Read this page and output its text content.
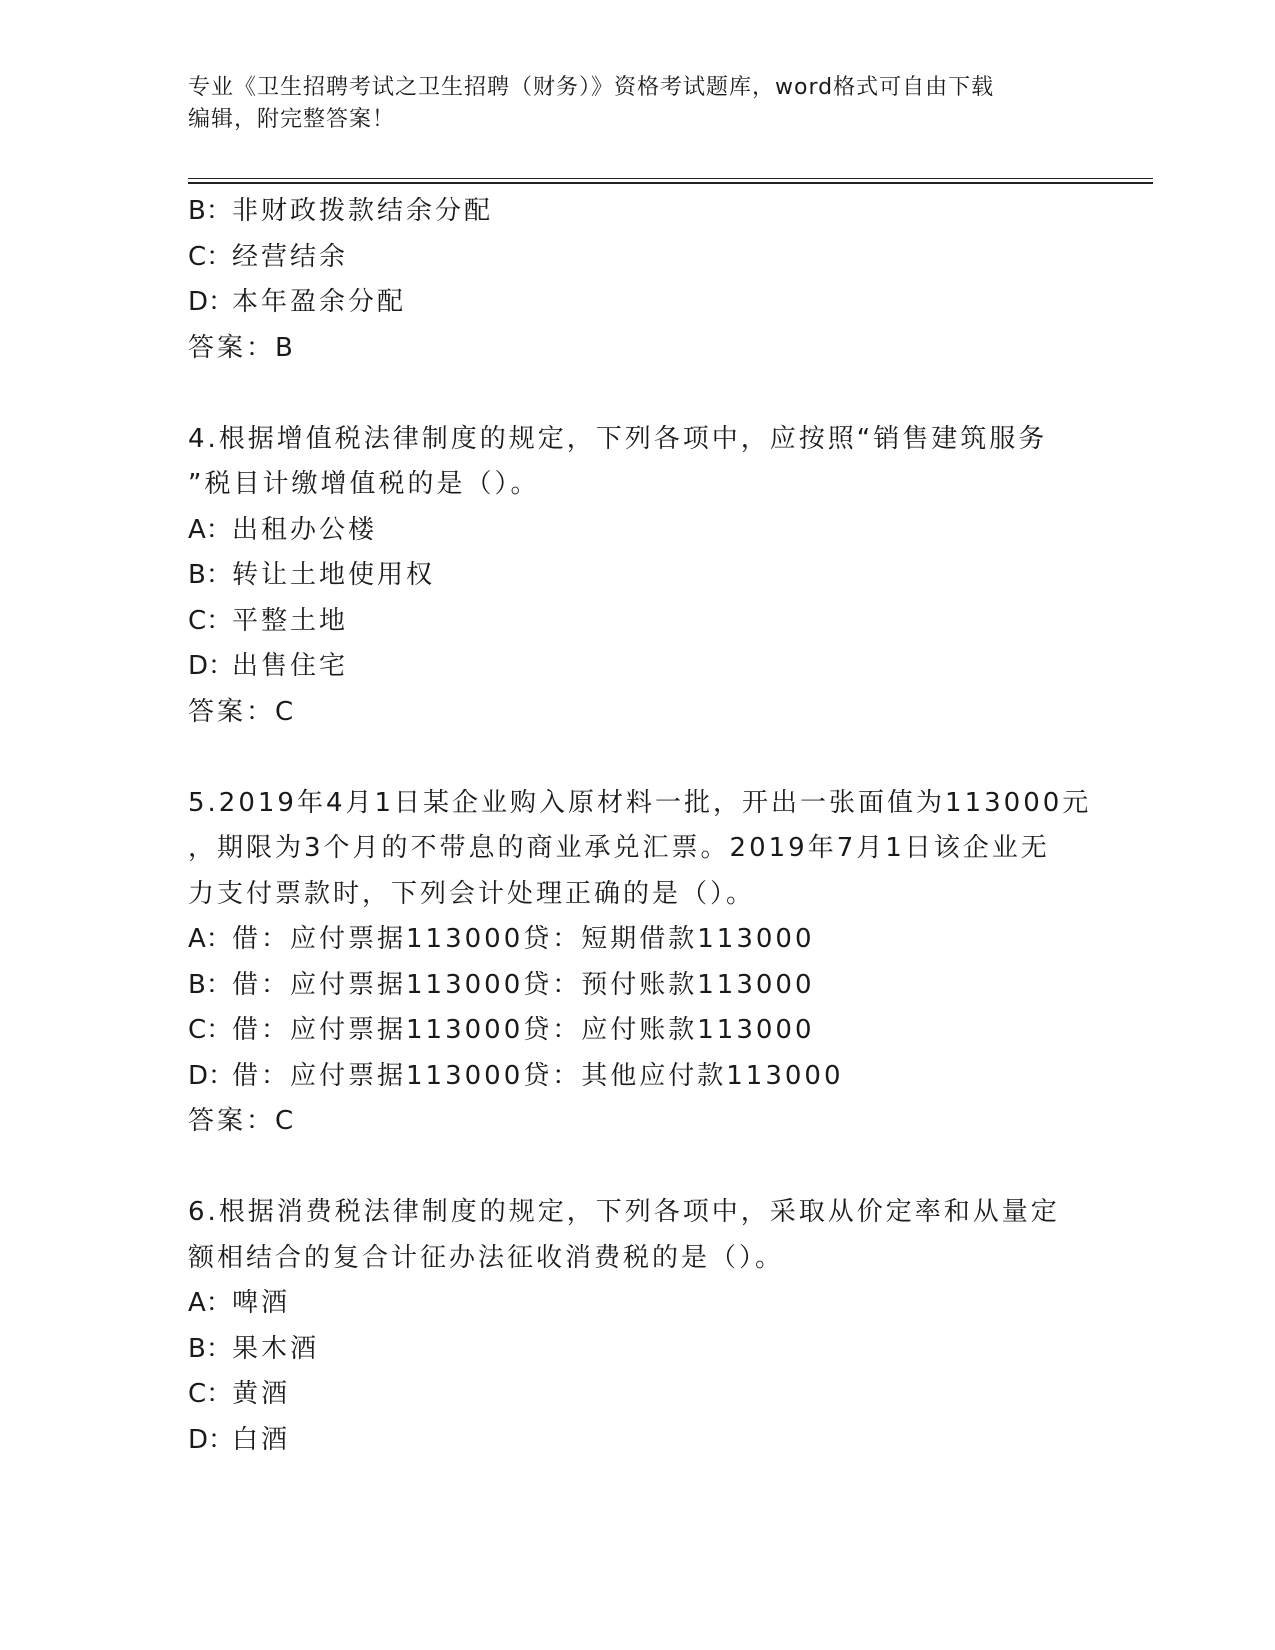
专业《卫生招聘考试之卫生招聘（财务）》资格考试题库，word格式可自由下载
编辑，附完整答案！
B：非财政拨款结余分配
C：经营结余
D：本年盈余分配
答案：B
4.根据增值税法律制度的规定，下列各项中，应按照“销售建筑服务
”税目计缴增值税的是（）。
A：出租办公楼
B：转让土地使用权
C：平整土地
D：出售住宅
答案：C
5.2019年4月1日某企业购入原材料一批，开出一张面值为113000元
，期限为3个月的不带息的商业承兑汇票。2019年7月1日该企业无
力支付票款时，下列会计处理正确的是（）。
A：借：应付票据113000贷：短期借款113000
B：借：应付票据113000贷：预付账款113000
C：借：应付票据113000贷：应付账款113000
D：借：应付票据113000贷：其他应付款113000
答案：C
6.根据消费税法律制度的规定，下列各项中，采取从价定率和从量定
额相结合的复合计征办法征收消费税的是（）。
A：啤酒
B：果木酒
C：黄酒
D：白酒
